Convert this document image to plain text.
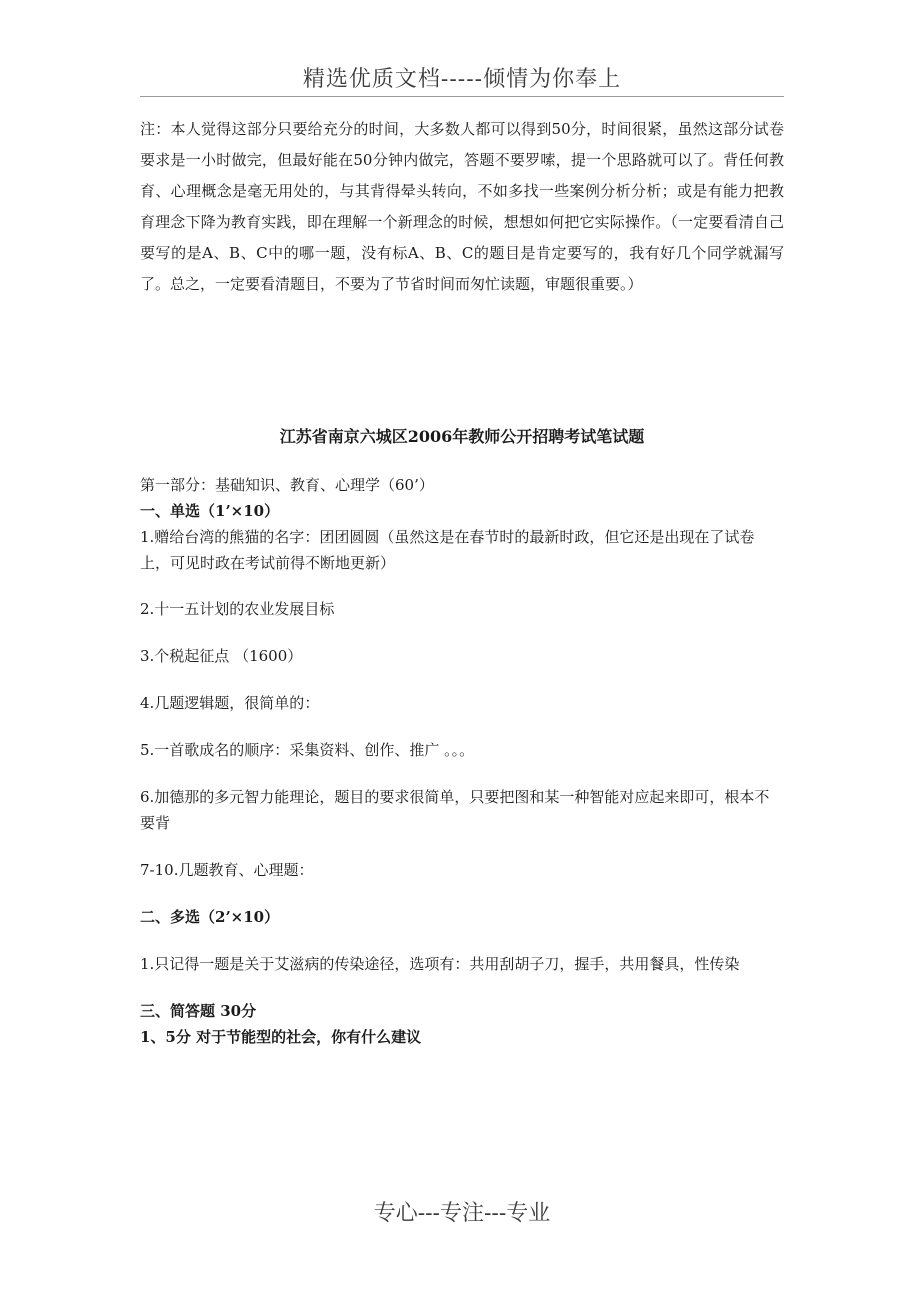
精选优质文档-----倾情为你奉上
注：本人觉得这部分只要给充分的时间，大多数人都可以得到50分，时间很紧，虽然这部分试卷要求是一小时做完，但最好能在50分钟内做完，答题不要罗嗦，提一个思路就可以了。背任何教育、心理概念是毫无用处的，与其背得晕头转向，不如多找一些案例分析分析；或是有能力把教育理念下降为教育实践，即在理解一个新理念的时候，想想如何把它实际操作。（一定要看清自己要写的是A、B、C中的哪一题，没有标A、B、C的题目是肯定要写的，我有好几个同学就漏写了。总之，一定要看清题目，不要为了节省时间而匆忙读题，审题很重要。）
江苏省南京六城区2006年教师公开招聘考试笔试题

第一部分：基础知识、教育、心理学（60’）

一、单选（1’×10）

1.赠给台湾的熊猫的名字：团团圆圆（虽然这是在春节时的最新时政，但它还是出现在了试卷上，可见时政在考试前得不断地更新）

2.十一五计划的农业发展目标

3.个税起征点 （1600）

4.几题逻辑题，很简单的：

5.一首歌成名的顺序：采集资料、创作、推广 。。。

6.加德那的多元智力能理论，题目的要求很简单，只要把图和某一种智能对应起来即可，根本不要背

7-10.几题教育、心理题：

二、多选（2’×10）

1.只记得一题是关于艾滋病的传染途径，选项有：共用刮胡子刀，握手，共用餐具，性传染

三、简答题 30分

1、5分 对于节能型的社会，你有什么建议

专心---专注---专业
